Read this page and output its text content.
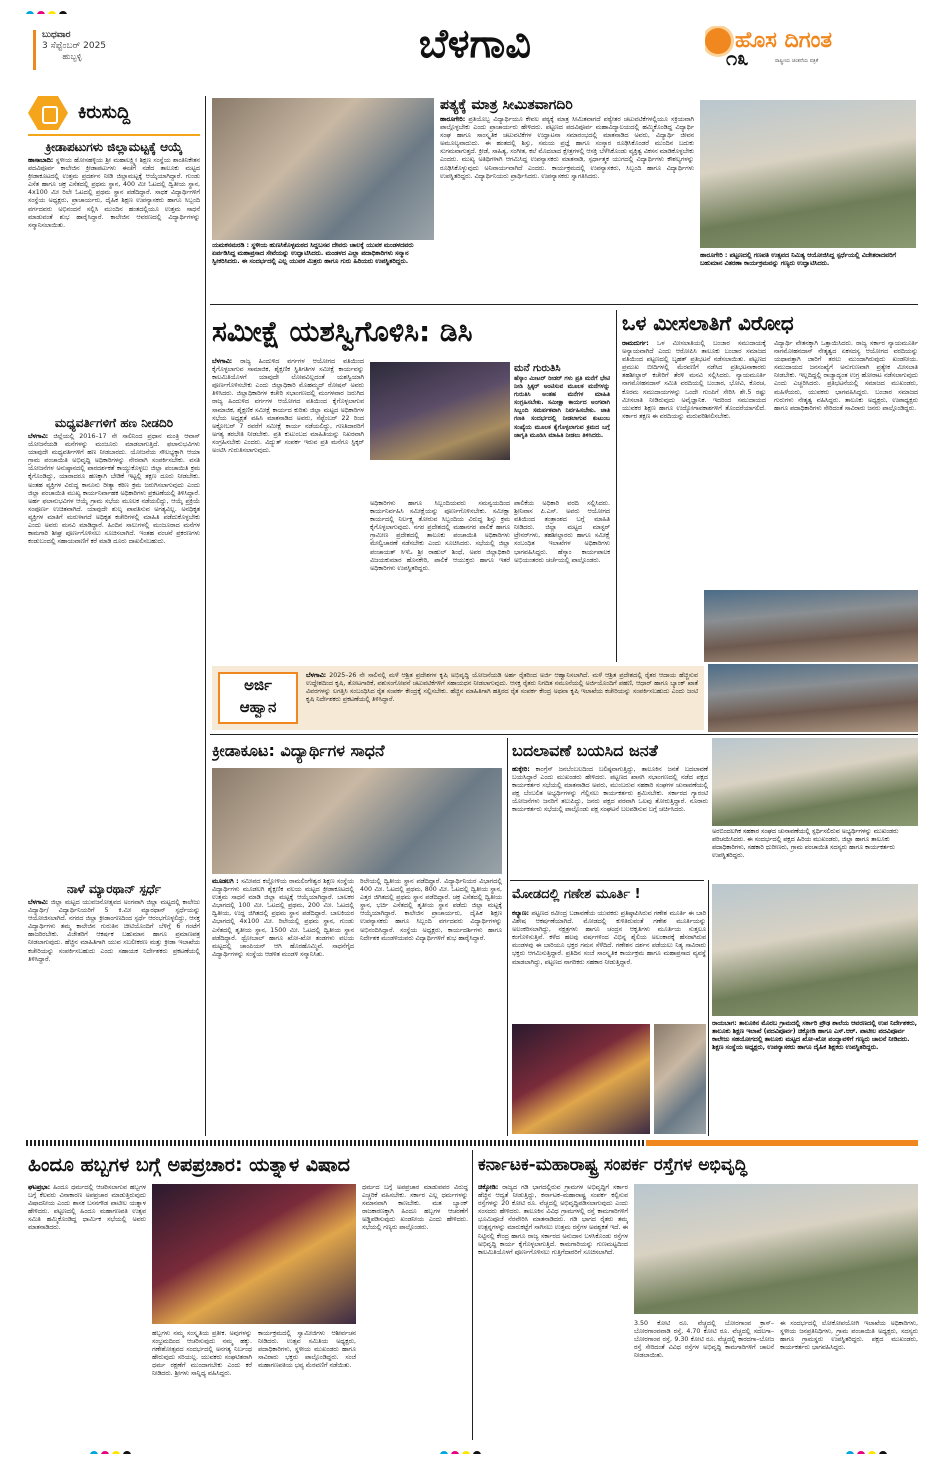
ಬುಧವಾರ
3 ಸೆಪ್ಟೆಂಬರ್ 2025
ಹುಬ್ಬಳ್ಳಿ	ಬೆಳಗಾವಿ	ಹೊಸ ದಿಗಂತ
ರಾಷ್ಟ್ರೀಯ ಚಿಂತನೆಯ ಪತ್ರಿಕೆ
೧೩
ಕಿರುಸುದ್ದಿ
ಕ್ರೀಡಾಪಟುಗಳು ಜಿಲ್ಲಾಮಟ್ಟಕ್ಕೆ ಆಯ್ಕೆ
ಹಾಸಾಬಾದಿ: ಸ್ಥಳೀಯ ಹೋಸಹಳ್ಳಿಯ ಶ್ರೀ ಮಹಾಲಕ್ಷ್ಮೀ ಶಿಕ್ಷಣ ಸಂಸ್ಥೆಯ ಶಾಂತಿನಿಕೇತನ ಪದವಿಪೂರ್ವ ಕಾಲೇಜಿನ ಕ್ರೀಡಾಪಟುಗಳು ಈಚೆಗೆ ನಡೆದ ತಾಲೂಕು ಮಟ್ಟದ ಕ್ರೀಡಾಕೂಟದಲ್ಲಿ ಉತ್ತಮ ಪ್ರದರ್ಶನ ನೀಡಿ ಜಿಲ್ಲಾಮಟ್ಟಕ್ಕೆ ಆಯ್ಕೆಯಾಗಿದ್ದಾರೆ. ಗುಂಡು ಎಸೆತ ಹಾಗೂ ಚಕ್ರ ಎಸೆತದಲ್ಲಿ ಪ್ರಥಮ ಸ್ಥಾನ, 400 ಮೀ ಓಟದಲ್ಲಿ ದ್ವಿತೀಯ ಸ್ಥಾನ, 4x100 ಮೀ ರಿಲೇ ಓಟದಲ್ಲಿ ಪ್ರಥಮ ಸ್ಥಾನ ಪಡೆದಿದ್ದಾರೆ. ಸಾಧಕ ವಿದ್ಯಾರ್ಥಿಗಳಿಗೆ ಸಂಸ್ಥೆಯ ಅಧ್ಯಕ್ಷರು, ಪ್ರಾಚಾರ್ಯರು, ದೈಹಿಕ ಶಿಕ್ಷಣ ಉಪನ್ಯಾಸಕರು ಹಾಗೂ ಸಿಬ್ಬಂದಿ ವರ್ಗದವರು ಅಭಿನಂದನೆ ಸಲ್ಲಿಸಿ ಮುಂದಿನ ಹಂತದಲ್ಲಿಯೂ ಉತ್ತಮ ಸಾಧನೆ ಮಾಡುವಂತೆ ಶುಭ ಹಾರೈಸಿದ್ದಾರೆ. ಕಾಲೇಜಿನ ಆವರಣದಲ್ಲಿ ವಿದ್ಯಾರ್ಥಿಗಳನ್ನು ಸನ್ಮಾನಿಸಲಾಯಿತು.
ಮಧ್ಯವರ್ತಿಗಳಿಗೆ ಹಣ ನೀಡದಿರಿ
ಬೆಳಗಾವಿ: ಜಿಲ್ಲೆಯಲ್ಲಿ 2016–17 ನೇ ಸಾಲಿನಿಂದ ಪ್ರಧಾನ ಮಂತ್ರಿ ಆವಾಸ್ ಯೋಜನೆಯಡಿ ಮನೆಗಳನ್ನು ಮಂಜೂರು ಮಾಡಲಾಗುತ್ತಿದೆ. ಫಲಾನುಭವಿಗಳು ಯಾವುದೇ ಮಧ್ಯವರ್ತಿಗಳಿಗೆ ಹಣ ನೀಡಬಾರದು. ಯೋಜನೆಯ ಸೌಲಭ್ಯಕ್ಕಾಗಿ ಆಯಾ ಗ್ರಾಮ ಪಂಚಾಯಿತಿ ಅಭಿವೃದ್ಧಿ ಅಧಿಕಾರಿಗಳನ್ನು ನೇರವಾಗಿ ಸಂಪರ್ಕಿಸಬೇಕು. ವಸತಿ ಯೋಜನೆಗಳ ಅನುಷ್ಠಾನದಲ್ಲಿ ಪಾರದರ್ಶಕತೆ ಕಾಯ್ದುಕೊಳ್ಳಲು ಜಿಲ್ಲಾ ಪಂಚಾಯಿತಿ ಕ್ರಮ ಕೈಗೊಂಡಿದ್ದು, ಯಾರಾದರೂ ಹಣಕ್ಕಾಗಿ ಬೇಡಿಕೆ ಇಟ್ಟಲ್ಲಿ ತಕ್ಷಣ ದೂರು ನೀಡಬೇಕು. ಅಂತಹ ವ್ಯಕ್ತಿಗಳ ವಿರುದ್ಧ ಕಾನೂನು ರೀತ್ಯಾ ಕಠಿಣ ಕ್ರಮ ಜರುಗಿಸಲಾಗುವುದು ಎಂದು ಜಿಲ್ಲಾ ಪಂಚಾಯಿತಿ ಮುಖ್ಯ ಕಾರ್ಯನಿರ್ವಾಹಕ ಅಧಿಕಾರಿಗಳು ಪ್ರಕಟಣೆಯಲ್ಲಿ ತಿಳಿಸಿದ್ದಾರೆ. ಅರ್ಹ ಫಲಾನುಭವಿಗಳ ಆಯ್ಕೆ ಗ್ರಾಮ ಸಭೆಯ ಮೂಲಕ ನಡೆಯಲಿದ್ದು, ಆಯ್ಕೆ ಪ್ರಕ್ರಿಯೆ ಸಂಪೂರ್ಣ ಉಚಿತವಾಗಿದೆ. ಯಾವುದೇ ಶುಲ್ಕ ಪಾವತಿಸುವ ಅಗತ್ಯವಿಲ್ಲ. ಅನಧಿಕೃತ ವ್ಯಕ್ತಿಗಳ ಮಾತಿಗೆ ಮರುಳಾಗದೆ ಅಧಿಕೃತ ಕಚೇರಿಗಳಲ್ಲಿ ಮಾಹಿತಿ ಪಡೆದುಕೊಳ್ಳಬೇಕು ಎಂದು ಅವರು ಮನವಿ ಮಾಡಿದ್ದಾರೆ. ಹಿಂದಿನ ಸಾಲುಗಳಲ್ಲಿ ಮಂಜೂರಾದ ಮನೆಗಳ ಕಾಮಗಾರಿ ಶೀಘ್ರ ಪೂರ್ಣಗೊಳಿಸಲು ಸೂಚಿಸಲಾಗಿದೆ. ಇಂತಹ ವಂಚನೆ ಪ್ರಕರಣಗಳು ಕಂಡುಬಂದಲ್ಲಿ ಸಹಾಯವಾಣಿಗೆ ಕರೆ ಮಾಡಿ ದೂರು ದಾಖಲಿಸಬಹುದು.
ನಾಳೆ ಮ್ಯಾರಥಾನ್ ಸ್ಪರ್ಧೆ
ಬೆಳಗಾವಿ: ಜಿಲ್ಲಾ ಮಟ್ಟದ ಯುವಜನೋತ್ಸವದ ಅಂಗವಾಗಿ ಜಿಲ್ಲಾ ಮಟ್ಟದಲ್ಲಿ ಕಾಲೇಜು ವಿದ್ಯಾರ್ಥಿ/ ವಿದ್ಯಾರ್ಥಿನಿಯರಿಗೆ 5 ಕಿ.ಮೀ ಮ್ಯಾರಥಾನ್ ಸ್ಪರ್ಧೆಯನ್ನು ಆಯೋಜಿಸಲಾಗಿದೆ. ನಗರದ ಜಿಲ್ಲಾ ಕ್ರೀಡಾಂಗಣದಿಂದ ಸ್ಪರ್ಧೆ ಆರಂಭಗೊಳ್ಳಲಿದ್ದು, ಆಸಕ್ತ ವಿದ್ಯಾರ್ಥಿಗಳು ತಮ್ಮ ಕಾಲೇಜಿನ ಗುರುತಿನ ಚೀಟಿಯೊಂದಿಗೆ ಬೆಳಿಗ್ಗೆ 6 ಗಂಟೆಗೆ ಹಾಜರಿರಬೇಕು. ವಿಜೇತರಿಗೆ ಆಕರ್ಷಕ ಬಹುಮಾನ ಹಾಗೂ ಪ್ರಮಾಣಪತ್ರ ನೀಡಲಾಗುವುದು. ಹೆಚ್ಚಿನ ಮಾಹಿತಿಗಾಗಿ ಯುವ ಸಬಲೀಕರಣ ಮತ್ತು ಕ್ರೀಡಾ ಇಲಾಖೆಯ ಕಚೇರಿಯನ್ನು ಸಂಪರ್ಕಿಸಬಹುದು ಎಂದು ಸಹಾಯಕ ನಿರ್ದೇಶಕರು ಪ್ರಕಟಣೆಯಲ್ಲಿ ತಿಳಿಸಿದ್ದಾರೆ.
ಯಮಕನಮರಡಿ : ಸ್ಥಳೀಯ ಹುಣಸಿಕೊಳ್ಳಮಠದ ಸಿದ್ದಬಸವ ದೇವರು ಚಾಲಕ್ಕೆ ಯುವಕ ಮಂಡಳದವರು ಏರ್ಪಡಿಸಿದ್ದ ಮಹಾಪ್ರಸಾದ ಸೇವೆಯನ್ನು ಉದ್ಘಾಟಿಸಿದರು. ಮಂಡಳದ ಎಲ್ಲಾ ಪದಾಧಿಕಾರಿಗಳು ಸನ್ಮಾನ ಸ್ವೀಕರಿಸಿದರು. ಈ ಸಂದರ್ಭದಲ್ಲಿ ಎಲ್ಲ ಯುವಕ ಮಿತ್ರರು ಹಾಗೂ ಗುರು ಹಿರಿಯರು ಉಪಸ್ಥಿತರಿದ್ದರು.
ಪತ್ಯಕ್ಕೆ ಮಾತ್ರ ಸೀಮಿತವಾಗದಿರಿ
ಹಾರೂಗೇರಿ: ಪ್ರತಿಯೊಬ್ಬ ವಿದ್ಯಾರ್ಥಿಯೂ ಕೇವಲ ಪಠ್ಯಕ್ಕೆ ಮಾತ್ರ ಸೀಮಿತವಾಗದೆ ಪಠ್ಯೇತರ ಚಟುವಟಿಕೆಗಳಲ್ಲಿಯೂ ಸಕ್ರಿಯವಾಗಿ ಪಾಲ್ಗೊಳ್ಳಬೇಕು ಎಂದು ಪ್ರಾಚಾರ್ಯರು ಹೇಳಿದರು. ಪಟ್ಟಣದ ಪದವಿಪೂರ್ವ ಮಹಾವಿದ್ಯಾಲಯದಲ್ಲಿ ಹಮ್ಮಿಕೊಂಡಿದ್ದ ವಿದ್ಯಾರ್ಥಿ ಸಂಘ ಹಾಗೂ ಸಾಂಸ್ಕೃತಿಕ ಚಟುವಟಿಕೆಗಳ ಉದ್ಘಾಟನಾ ಸಮಾರಂಭದಲ್ಲಿ ಮಾತನಾಡಿದ ಅವರು, ವಿದ್ಯಾರ್ಥಿ ಜೀವನ ಅಮೂಲ್ಯವಾದುದು. ಈ ಹಂತದಲ್ಲಿ ಶಿಸ್ತು, ಸಮಯ ಪ್ರಜ್ಞೆ ಹಾಗೂ ಸಂಸ್ಕಾರ ರೂಢಿಸಿಕೊಂಡರೆ ಮುಂದಿನ ಬದುಕು ಸುಗಮವಾಗುತ್ತದೆ. ಕ್ರೀಡೆ, ಸಾಹಿತ್ಯ, ಸಂಗೀತ, ಕಲೆ ಮೊದಲಾದ ಕ್ಷೇತ್ರಗಳಲ್ಲಿ ಆಸಕ್ತಿ ಬೆಳೆಸಿಕೊಂಡು ವ್ಯಕ್ತಿತ್ವ ವಿಕಸನ ಮಾಡಿಕೊಳ್ಳಬೇಕು ಎಂದರು. ಮುಖ್ಯ ಅತಿಥಿಗಳಾಗಿ ಆಗಮಿಸಿದ್ದ ಉಪನ್ಯಾಸಕರು ಮಾತನಾಡಿ, ಸ್ಪರ್ಧಾತ್ಮಕ ಯುಗದಲ್ಲಿ ವಿದ್ಯಾರ್ಥಿಗಳು ಕೌಶಲ್ಯಗಳನ್ನು ರೂಢಿಸಿಕೊಳ್ಳುವುದು ಅನಿವಾರ್ಯವಾಗಿದೆ ಎಂದರು. ಕಾರ್ಯಕ್ರಮದಲ್ಲಿ ಉಪನ್ಯಾಸಕರು, ಸಿಬ್ಬಂದಿ ಹಾಗೂ ವಿದ್ಯಾರ್ಥಿಗಳು ಉಪಸ್ಥಿತರಿದ್ದರು. ವಿದ್ಯಾರ್ಥಿನಿಯರು ಪ್ರಾರ್ಥಿಸಿದರು. ಉಪನ್ಯಾಸಕರು ಸ್ವಾಗತಿಸಿದರು.
ಹಾರೂಗೇರಿ : ಪಟ್ಟಣದಲ್ಲಿ ಗಣಪತಿ ಉತ್ಸವದ ನಿಮಿತ್ಯ ಆಯೋಜಿಸಿದ್ದ ಸ್ಪರ್ಧೆಯಲ್ಲಿ ವಿಜೇತರಾದವರಿಗೆ ಬಹುಮಾನ ವಿತರಣಾ ಕಾರ್ಯಕ್ರಮವನ್ನು ಗಣ್ಯರು ಉದ್ಘಾಟಿಸಿದರು.
ಸಮೀಕ್ಷೆ ಯಶಸ್ವಿಗೊಳಿಸಿ: ಡಿಸಿ
ಬೆಳಗಾವಿ: ರಾಜ್ಯ ಹಿಂದುಳಿದ ವರ್ಗಗಳ ಆಯೋಗದ ವತಿಯಿಂದ ಕೈಗೊಳ್ಳಲಾಗುವ ಸಾಮಾಜಿಕ, ಶೈಕ್ಷಣಿಕ ಸ್ಥಿತಿಗತಿಗಳ ಸಮೀಕ್ಷೆ ಕಾರ್ಯವನ್ನು ಕಾಲಮಿತಿಯೊಳಗೆ ಯಾವುದೇ ಲೋಪವಿಲ್ಲದಂತೆ ಯಶಸ್ವಿಯಾಗಿ ಪೂರ್ಣಗೊಳಿಸಬೇಕು ಎಂದು ಜಿಲ್ಲಾಧಿಕಾರಿ ಮೊಹಮ್ಮದ್ ರೋಷನ್ ಅವರು ತಿಳಿಸಿದರು. ಜಿಲ್ಲಾಧಿಕಾರಿಗಳ ಕಚೇರಿ ಸಭಾಂಗಣದಲ್ಲಿ ಮಂಗಳವಾರ ಜರುಗಿದ ರಾಜ್ಯ ಹಿಂದುಳಿದ ವರ್ಗಗಳ ಆಯೋಗದ ವತಿಯಿಂದ ಕೈಗೊಳ್ಳಲಾಗುವ ಸಾಮಾಜಿಕ, ಶೈಕ್ಷಣಿಕ ಸಮೀಕ್ಷೆ ಕಾರ್ಯದ ಕುರಿತು ಜಿಲ್ಲಾ ಮಟ್ಟದ ಅಧಿಕಾರಿಗಳ ಸಭೆಯ ಅಧ್ಯಕ್ಷತೆ ವಹಿಸಿ ಮಾತನಾಡಿದ ಅವರು, ಸೆಪ್ಟೆಂಬರ್ 22 ರಿಂದ ಅಕ್ಟೋಬರ್ 7 ರವರೆಗೆ ಸಮೀಕ್ಷೆ ಕಾರ್ಯ ನಡೆಯಲಿದ್ದು, ಗಣತಿದಾರರಿಗೆ ಅಗತ್ಯ ತರಬೇತಿ ನೀಡಬೇಕು. ಪ್ರತಿ ಕುಟುಂಬದ ಮಾಹಿತಿಯನ್ನು ನಿಖರವಾಗಿ ಸಂಗ್ರಹಿಸಬೇಕು ಎಂದರು. ವಿದ್ಯುತ್ ಸಂಪರ್ಕ ಇರುವ ಪ್ರತಿ ಮನೆಗೂ ಸ್ಟಿಕ್ಕರ್ ಅಂಟಿಸಿ ಗುರುತಿಸಲಾಗುವುದು.
ಮನೆ ಗುರುತಿಸಿ
ಹೆಸ್ಕಾಂ ಮೀಟರ್ ರೀಡರ್ ಗಳು ಪ್ರತಿ ಮನೆಗೆ ಭೇಟಿ ನೀಡಿ ಸ್ಟಿಕ್ಕರ್ ಅಂಟಿಸುವ ಮೂಲಕ ಮನೆಗಳನ್ನು ಗುರುತಿಸಿ ಅಂತಹ ಮನೆಗಳ ಮಾಹಿತಿ ಸಂಗ್ರಹಿಸಬೇಕು. ಸಮೀಕ್ಷಾ ಕಾರ್ಯದ ಅಂಗವಾಗಿ ಸಿಬ್ಬಂದಿ ಸಮರ್ಪಕವಾಗಿ ನಿರ್ವಹಿಸಬೇಕು. ಜಾತಿ ಗಣತಿ ಸಂದರ್ಭದಲ್ಲಿ ನೀಡಲಾಗುವ ಕುಟುಂಬ ಸಂಖ್ಯೆಯ ಮೂಲಕ ಕೈಗೊಳ್ಳಲಾಗುವ ಕ್ರಮದ ಬಗ್ಗೆ ಜಾಗೃತಿ ಮೂಡಿಸಿ ಮಾಹಿತಿ ನೀಡಲು ತಿಳಿಸಿದರು.
ಅಧಿಕಾರಿಗಳು ಹಾಗೂ ಸಿಬ್ಬಂದಿಯವರು ಸಮನ್ವಯದಿಂದ ಕಾರ್ಯನಿರ್ವಹಿಸಿ ಸಮೀಕ್ಷೆಯನ್ನು ಪೂರ್ಣಗೊಳಿಸಬೇಕು. ಸಮೀಕ್ಷಾ ಕಾರ್ಯದಲ್ಲಿ ನಿರ್ಲಕ್ಷ್ಯ ತೋರುವ ಸಿಬ್ಬಂದಿಯ ವಿರುದ್ಧ ಶಿಸ್ತು ಕ್ರಮ ಕೈಗೊಳ್ಳಲಾಗುವುದು. ನಗರ ಪ್ರದೇಶದಲ್ಲಿ ಮಹಾನಗರ ಪಾಲಿಕೆ ಹಾಗೂ ಗ್ರಾಮೀಣ ಪ್ರದೇಶದಲ್ಲಿ ತಾಲೂಕು ಪಂಚಾಯಿತಿ ಅಧಿಕಾರಿಗಳು ಮೇಲ್ವಿಚಾರಣೆ ನಡೆಸಬೇಕು ಎಂದು ಸೂಚಿಸಿದರು. ಸಭೆಯಲ್ಲಿ ಜಿಲ್ಲಾ ಪಂಚಾಯತ್ ಸಿಇಓ ಶ್ರೀ ರಾಹುಲ್ ಶಿಂಧೆ, ಅಪರ ಜಿಲ್ಲಾಧಿಕಾರಿ ವಿಜಯಕುಮಾರ ಹೊನಕೇರಿ, ಪಾಲಿಕೆ ಆಯುಕ್ತರು ಹಾಗೂ ಇತರೆ ಅಧಿಕಾರಿಗಳು ಉಪಸ್ಥಿತರಿದ್ದರು.
ಪಾಲಿಕೆಯ ಅಧಿಕಾರಿ ವರದಿ ಸಲ್ಲಿಸಿದರು. ಶ್ರೀನಿವಾಸ ಪಿ.ಎಸ್. ಅವರು ಆಯೋಗದ ವತಿಯಿಂದ ತಂತ್ರಾಂಶದ ಬಗ್ಗೆ ಮಾಹಿತಿ ನೀಡಿದರು. ಜಿಲ್ಲಾ ಮಟ್ಟದ ಮಾಸ್ಟರ್ ಟ್ರೇನರ್‌ಗಳು, ತಹಶೀಲ್ದಾರರು ಹಾಗೂ ಸಮೀಕ್ಷೆ ಸಂಬಂಧಿತ ಇಲಾಖೆಗಳ ಅಧಿಕಾರಿಗಳು ಭಾಗವಹಿಸಿದ್ದರು. ಹೆಸ್ಕಾಂ ಕಾರ್ಯಪಾಲಕ ಅಭಿಯಂತರರು ಚರ್ಚೆಯಲ್ಲಿ ಪಾಲ್ಗೊಂಡರು.
ಒಳ ಮೀಸಲಾತಿಗೆ ವಿರೋಧ
ರಾಮದುರ್ಗ: ಒಳ ಮೀಸಲಾತಿಯಲ್ಲಿ ಬಂಜಾರ ಸಮುದಾಯಕ್ಕೆ ಅನ್ಯಾಯವಾಗಿದೆ ಎಂದು ಆರೋಪಿಸಿ ತಾಲೂಕು ಬಂಜಾರ ಸಮಾಜದ ವತಿಯಿಂದ ಪಟ್ಟಣದಲ್ಲಿ ಬೃಹತ್ ಪ್ರತಿಭಟನೆ ನಡೆಸಲಾಯಿತು. ಪಟ್ಟಣದ ಪ್ರಮುಖ ಬೀದಿಗಳಲ್ಲಿ ಮೆರವಣಿಗೆ ನಡೆಸಿದ ಪ್ರತಿಭಟನಾಕಾರರು ತಹಶೀಲ್ದಾರ್ ಕಚೇರಿಗೆ ತೆರಳಿ ಮನವಿ ಸಲ್ಲಿಸಿದರು. ನ್ಯಾಯಮೂರ್ತಿ ನಾಗಮೋಹನದಾಸ್ ಸಮಿತಿ ವರದಿಯಲ್ಲಿ ಬಂಜಾರ, ಭೋವಿ, ಕೊರಚ, ಕೊರಮ ಸಮುದಾಯಗಳನ್ನು ಒಂದೇ ಗುಂಪಿಗೆ ಸೇರಿಸಿ ಶೇ.5 ರಷ್ಟು ಮೀಸಲಾತಿ ನೀಡಿರುವುದು ಅವೈಜ್ಞಾನಿಕ. ಇದರಿಂದ ಸಮುದಾಯದ ಯುವಕರ ಶಿಕ್ಷಣ ಹಾಗೂ ಉದ್ಯೋಗಾವಕಾಶಗಳಿಗೆ ತೊಂದರೆಯಾಗಲಿದೆ. ಸರ್ಕಾರ ತಕ್ಷಣ ಈ ವರದಿಯನ್ನು ಮರುಪರಿಶೀಲಿಸಬೇಕು.
ವಿದ್ಯಾರ್ಥಿ ವೇತನಕ್ಕಾಗಿ ಒತ್ತಾಯಿಸಿದರು. ರಾಜ್ಯ ಸರ್ಕಾರ ನ್ಯಾಯಮೂರ್ತಿ ನಾಗಮೋಹನದಾಸ್ ನೇತೃತ್ವದ ಏಕಸದಸ್ಯ ಆಯೋಗದ ವರದಿಯನ್ನು ಯಥಾವತ್ತಾಗಿ ಜಾರಿಗೆ ತರಲು ಮುಂದಾಗಿರುವುದು ಖಂಡನೀಯ. ಸಮುದಾಯದ ಜನಸಂಖ್ಯೆಗೆ ಅನುಗುಣವಾಗಿ ಪ್ರತ್ಯೇಕ ಮೀಸಲಾತಿ ನೀಡಬೇಕು. ಇಲ್ಲದಿದ್ದಲ್ಲಿ ರಾಜ್ಯಾದ್ಯಂತ ಉಗ್ರ ಹೋರಾಟ ನಡೆಸಲಾಗುವುದು ಎಂದು ಎಚ್ಚರಿಸಿದರು. ಪ್ರತಿಭಟನೆಯಲ್ಲಿ ಸಮಾಜದ ಮುಖಂಡರು, ಮಹಿಳೆಯರು, ಯುವಕರು ಭಾಗವಹಿಸಿದ್ದರು. ಬಂಜಾರ ಸಮಾಜದ ಗುರುಗಳು ನೇತೃತ್ವ ವಹಿಸಿದ್ದರು. ತಾಲೂಕು ಅಧ್ಯಕ್ಷರು, ಉಪಾಧ್ಯಕ್ಷರು ಹಾಗೂ ಪದಾಧಿಕಾರಿಗಳು ಸೇರಿದಂತೆ ಸಾವಿರಾರು ಜನರು ಪಾಲ್ಗೊಂಡಿದ್ದರು.
ಅರ್ಜಿ
ಆಹ್ವಾನ
ಬೆಳಗಾವಿ: 2025–26 ನೇ ಸಾಲಿನಲ್ಲಿ ಮಳೆ ಆಶ್ರಿತ ಪ್ರದೇಶಗಳ ಕೃಷಿ ಅಭಿವೃದ್ಧಿ ಯೋಜನೆಯಡಿ ಅರ್ಹ ರೈತರಿಂದ ಅರ್ಜಿ ಆಹ್ವಾನಿಸಲಾಗಿದೆ. ಮಳೆ ಆಶ್ರಿತ ಪ್ರದೇಶದಲ್ಲಿ ರೈತರ ಆದಾಯ ಹೆಚ್ಚಿಸುವ ಉದ್ದೇಶದಿಂದ ಕೃಷಿ, ತೋಟಗಾರಿಕೆ, ಪಶುಸಂಗೋಪನೆ ಚಟುವಟಿಕೆಗಳಿಗೆ ಸಹಾಯಧನ ನೀಡಲಾಗುವುದು. ಆಸಕ್ತ ರೈತರು ನಿಗದಿತ ನಮೂನೆಯಲ್ಲಿ ಅರ್ಜಿಯೊಂದಿಗೆ ಪಹಣಿ, ಆಧಾರ್ ಹಾಗೂ ಬ್ಯಾಂಕ್ ಖಾತೆ ವಿವರಗಳನ್ನು ಲಗತ್ತಿಸಿ ಸಂಬಂಧಿಸಿದ ರೈತ ಸಂಪರ್ಕ ಕೇಂದ್ರಕ್ಕೆ ಸಲ್ಲಿಸಬೇಕು. ಹೆಚ್ಚಿನ ಮಾಹಿತಿಗಾಗಿ ಹತ್ತಿರದ ರೈತ ಸಂಪರ್ಕ ಕೇಂದ್ರ ಅಥವಾ ಕೃಷಿ ಇಲಾಖೆಯ ಕಚೇರಿಯನ್ನು ಸಂಪರ್ಕಿಸಬಹುದು ಎಂದು ಜಂಟಿ ಕೃಷಿ ನಿರ್ದೇಶಕರು ಪ್ರಕಟಣೆಯಲ್ಲಿ ತಿಳಿಸಿದ್ದಾರೆ.
ಕ್ರೀಡಾಕೂಟ: ವಿದ್ಯಾರ್ಥಿಗಳ ಸಾಧನೆ
ಮೂಡಲಗಿ : ಸಮೀಪದ ಕಲ್ಲೋಳಿಯ ರಾಮಲಿಂಗೇಶ್ವರ ಶಿಕ್ಷಣ ಸಂಸ್ಥೆಯ ವಿದ್ಯಾರ್ಥಿಗಳು ಮೂಡಲಗಿ ಶೈಕ್ಷಣಿಕ ವಲಯ ಮಟ್ಟದ ಕ್ರೀಡಾಕೂಟದಲ್ಲಿ ಉತ್ತಮ ಸಾಧನೆ ಮಾಡಿ ಜಿಲ್ಲಾ ಮಟ್ಟಕ್ಕೆ ಆಯ್ಕೆಯಾಗಿದ್ದಾರೆ. ಬಾಲಕರ ವಿಭಾಗದಲ್ಲಿ 100 ಮೀ. ಓಟದಲ್ಲಿ ಪ್ರಥಮ, 200 ಮೀ. ಓಟದಲ್ಲಿ ದ್ವಿತೀಯ, ಉದ್ದ ಜಿಗಿತದಲ್ಲಿ ಪ್ರಥಮ ಸ್ಥಾನ ಪಡೆದಿದ್ದಾರೆ. ಬಾಲಕಿಯರ ವಿಭಾಗದಲ್ಲಿ 4x100 ಮೀ. ರಿಲೇಯಲ್ಲಿ ಪ್ರಥಮ ಸ್ಥಾನ, ಗುಂಡು ಎಸೆತದಲ್ಲಿ ತೃತೀಯ ಸ್ಥಾನ, 1500 ಮೀ. ಓಟದಲ್ಲಿ ದ್ವಿತೀಯ ಸ್ಥಾನ ಪಡೆದಿದ್ದಾರೆ. ಥ್ರೋಬಾಲ್ ಹಾಗೂ ಖೋ-ಖೋ ತಂಡಗಳು ವಲಯ ಮಟ್ಟದಲ್ಲಿ ಚಾಂಪಿಯನ್ ಆಗಿ ಹೊರಹೊಮ್ಮಿವೆ. ಸಾಧನೆಗೈದ ವಿದ್ಯಾರ್ಥಿಗಳನ್ನು ಸಂಸ್ಥೆಯ ಆಡಳಿತ ಮಂಡಳಿ ಸನ್ಮಾನಿಸಿತು.
ರಿಲೇಯಲ್ಲಿ ದ್ವಿತೀಯ ಸ್ಥಾನ ಪಡೆದಿದ್ದಾರೆ. ವಿದ್ಯಾರ್ಥಿನಿಯರ ವಿಭಾಗದಲ್ಲಿ 400 ಮೀ. ಓಟದಲ್ಲಿ ಪ್ರಥಮ, 800 ಮೀ. ಓಟದಲ್ಲಿ ದ್ವಿತೀಯ ಸ್ಥಾನ, ಎತ್ತರ ಜಿಗಿತದಲ್ಲಿ ಪ್ರಥಮ ಸ್ಥಾನ ಪಡೆದಿದ್ದಾರೆ. ಚಕ್ರ ಎಸೆತದಲ್ಲಿ ದ್ವಿತೀಯ ಸ್ಥಾನ, ಭರ್ಚಿ ಎಸೆತದಲ್ಲಿ ತೃತೀಯ ಸ್ಥಾನ ಪಡೆದು ಜಿಲ್ಲಾ ಮಟ್ಟಕ್ಕೆ ಆಯ್ಕೆಯಾಗಿದ್ದಾರೆ. ಕಾಲೇಜಿನ ಪ್ರಾಚಾರ್ಯರು, ದೈಹಿಕ ಶಿಕ್ಷಣ ಉಪನ್ಯಾಸಕರು ಹಾಗೂ ಸಿಬ್ಬಂದಿ ವರ್ಗದವರು ವಿದ್ಯಾರ್ಥಿಗಳನ್ನು ಅಭಿನಂದಿಸಿದ್ದಾರೆ. ಸಂಸ್ಥೆಯ ಅಧ್ಯಕ್ಷರು, ಕಾರ್ಯದರ್ಶಿಗಳು ಹಾಗೂ ನಿರ್ದೇಶಕ ಮಂಡಳಿಯವರು ವಿದ್ಯಾರ್ಥಿಗಳಿಗೆ ಶುಭ ಹಾರೈಸಿದ್ದಾರೆ.
ಬದಲಾವಣೆ ಬಯಸಿದ ಜನತೆ
ಹುಕ್ಕೇರಿ: ಕಾಂಗ್ರೆಸ್ ಜನಬೆಂಬಲದಿಂದ ಬಲಿಷ್ಠವಾಗುತ್ತಿದ್ದು, ತಾಲೂಕಿನ ಜನತೆ ಬದಲಾವಣೆ ಬಯಸಿದ್ದಾರೆ ಎಂದು ಮುಖಂಡರು ಹೇಳಿದರು. ಪಟ್ಟಣದ ಖಾಸಗಿ ಸಭಾಂಗಣದಲ್ಲಿ ನಡೆದ ಪಕ್ಷದ ಕಾರ್ಯಕರ್ತರ ಸಭೆಯಲ್ಲಿ ಮಾತನಾಡಿದ ಅವರು, ಮುಂಬರುವ ಸಹಕಾರಿ ಸಂಘಗಳ ಚುನಾವಣೆಯಲ್ಲಿ ಪಕ್ಷ ಬೆಂಬಲಿತ ಅಭ್ಯರ್ಥಿಗಳನ್ನು ಗೆಲ್ಲಿಸಲು ಕಾರ್ಯಕರ್ತರು ಶ್ರಮಿಸಬೇಕು. ಸರ್ಕಾರದ ಗ್ಯಾರಂಟಿ ಯೋಜನೆಗಳು ಜನರಿಗೆ ತಲುಪಿದ್ದು, ಜನರು ಪಕ್ಷದ ಪರವಾಗಿ ಒಲವು ತೋರುತ್ತಿದ್ದಾರೆ. ನೂರಾರು ಕಾರ್ಯಕರ್ತರು ಸಭೆಯಲ್ಲಿ ಪಾಲ್ಗೊಂಡು ಪಕ್ಷ ಸಂಘಟನೆ ಬಲಪಡಿಸುವ ಬಗ್ಗೆ ಚರ್ಚಿಸಿದರು.
ಅರಬಿಂದಲಗಿಕ ಸಹಕಾರ ಸಂಘದ ಚುನಾವಣೆಯಲ್ಲಿ ಸ್ಪರ್ಧಿಸಲಿರುವ ಅಭ್ಯರ್ಥಿಗಳನ್ನು ಮುಖಂಡರು ಪರಿಚಯಿಸಿದರು. ಈ ಸಂದರ್ಭದಲ್ಲಿ ಪಕ್ಷದ ಹಿರಿಯ ಮುಖಂಡರು, ಜಿಲ್ಲಾ ಹಾಗೂ ತಾಲೂಕು ಪದಾಧಿಕಾರಿಗಳು, ಸಹಕಾರಿ ಧುರೀಣರು, ಗ್ರಾಮ ಪಂಚಾಯಿತಿ ಸದಸ್ಯರು ಹಾಗೂ ಕಾರ್ಯಕರ್ತರು ಉಪಸ್ಥಿತರಿದ್ದರು.
ಮೋಡದಲ್ಲಿ ಗಣೇಶ ಮೂರ್ತಿ !
ಕಲ್ಯಾಣ: ಪಟ್ಟಣದ ರವೀಂದ್ರ ಬಡಾವಣೆಯ ಯುವಕರು ಪ್ರತಿಷ್ಠಾಪಿಸಿರುವ ಗಣೇಶ ಮೂರ್ತಿ ಈ ಬಾರಿ ವಿಶೇಷ ಆಕರ್ಷಣೆಯಾಗಿದೆ. ಮೋಡದಲ್ಲಿ ಕುಳಿತಿರುವಂತೆ ಗಣೇಶ ಮೂರ್ತಿಯನ್ನು ಅಲಂಕರಿಸಲಾಗಿದ್ದು, ನಕ್ಷತ್ರಗಳು ಹಾಗೂ ಚಂದ್ರನ ಆಕೃತಿಗಳು ಮೂರ್ತಿಯ ಸುತ್ತಲೂ ಕಂಗೊಳಿಸುತ್ತಿವೆ. ಕಳೆದ ಹಲವು ವರ್ಷಗಳಿಂದ ವಿಭಿನ್ನ ಶೈಲಿಯ ಅಲಂಕಾರಕ್ಕೆ ಹೆಸರಾಗಿರುವ ಮಂಡಳವು ಈ ಬಾರಿಯೂ ಭಕ್ತರ ಗಮನ ಸೆಳೆದಿದೆ. ಗಣೇಶನ ದರ್ಶನ ಪಡೆಯಲು ನಿತ್ಯ ಸಾವಿರಾರು ಭಕ್ತರು ಆಗಮಿಸುತ್ತಿದ್ದಾರೆ. ಪ್ರತಿದಿನ ಸಂಜೆ ಸಾಂಸ್ಕೃತಿಕ ಕಾರ್ಯಕ್ರಮ ಹಾಗೂ ಮಹಾಪ್ರಸಾದ ವ್ಯವಸ್ಥೆ ಮಾಡಲಾಗಿದ್ದು, ಪಟ್ಟಣದ ನಾಗರಿಕರು ಸಹಕಾರ ನೀಡುತ್ತಿದ್ದಾರೆ.
ರಾಯಬಾಗ: ತಾಲೂಕಿನ ಮೊರಬ ಗ್ರಾಮದಲ್ಲಿ ಸರ್ಕಾರಿ ಪ್ರೌಢ ಶಾಲೆಯ ಆವರಣದಲ್ಲಿ ಉಪ ನಿರ್ದೇಶಕರು, ತಾಲೂಕು ಶಿಕ್ಷಣ ಇಲಾಖೆ (ಪದವಿಪೂರ್ವ) ಚಿಕ್ಕೋಡಿ ಹಾಗೂ ಎಸ್.ಆರ್. ಪಾಟೀಲ ಪದವಿಪೂರ್ವ ಕಾಲೇಜು ಸಹಯೋಗದಲ್ಲಿ ತಾಲೂಕು ಮಟ್ಟದ ಖೋ-ಖೋ ಪಂದ್ಯಾವಳಿಗೆ ಗಣ್ಯರು ಚಾಲನೆ ನೀಡಿದರು. ಶಿಕ್ಷಣ ಸಂಸ್ಥೆಯ ಅಧ್ಯಕ್ಷರು, ಉಪನ್ಯಾಸಕರು ಹಾಗೂ ದೈಹಿಕ ಶಿಕ್ಷಕರು ಉಪಸ್ಥಿತರಿದ್ದರು.
ಹಿಂದೂ ಹಬ್ಬಗಳ ಬಗ್ಗೆ ಅಪಪ್ರಚಾರ: ಯತ್ನಾಳ ವಿಷಾದ
ಘಟಪ್ರಭಾ: ಹಿಂದೂ ಧರ್ಮದಲ್ಲಿ ಆಚರಿಸಲಾಗುವ ಹಬ್ಬಗಳ ಬಗ್ಗೆ ಕೆಲವರು ವಿನಾಕಾರಣ ಅಪಪ್ರಚಾರ ಮಾಡುತ್ತಿರುವುದು ವಿಷಾದನೀಯ ಎಂದು ಶಾಸಕ ಬಸನಗೌಡ ಪಾಟೀಲ ಯತ್ನಾಳ ಹೇಳಿದರು. ಪಟ್ಟಣದಲ್ಲಿ ಹಿಂದೂ ಮಹಾಗಣಪತಿ ಉತ್ಸವ ಸಮಿತಿ ಹಮ್ಮಿಕೊಂಡಿದ್ದ ಧಾರ್ಮಿಕ ಸಭೆಯಲ್ಲಿ ಅವರು ಮಾತನಾಡಿದರು.
ಹಬ್ಬಗಳು ನಮ್ಮ ಸಂಸ್ಕೃತಿಯ ಪ್ರತೀಕ. ಅವುಗಳನ್ನು ಸಂಭ್ರಮದಿಂದ ಆಚರಿಸುವುದು ನಮ್ಮ ಹಕ್ಕು. ಗಣೇಶೋತ್ಸವದ ಸಂದರ್ಭದಲ್ಲಿ ಅನಗತ್ಯ ನಿರ್ಬಂಧ ಹೇರುವುದು ಸರಿಯಲ್ಲ. ಯುವಕರು ಸಂಘಟಿತರಾಗಿ ಧರ್ಮ ರಕ್ಷಣೆಗೆ ಮುಂದಾಗಬೇಕು ಎಂದು ಕರೆ ನೀಡಿದರು. ಶ್ರೀಗಳು ಸಾನ್ನಿಧ್ಯ ವಹಿಸಿದ್ದರು.
ಕಾರ್ಯಕ್ರಮದಲ್ಲಿ ಸ್ವಾಮೀಜಿಗಳು ಆಶೀರ್ವಚನ ನೀಡಿದರು. ಉತ್ಸವ ಸಮಿತಿಯ ಅಧ್ಯಕ್ಷರು, ಪದಾಧಿಕಾರಿಗಳು, ಸ್ಥಳೀಯ ಮುಖಂಡರು ಹಾಗೂ ಸಾವಿರಾರು ಭಕ್ತರು ಪಾಲ್ಗೊಂಡಿದ್ದರು. ಸಂಜೆ ಮಹಾಗಣಪತಿಯ ಭವ್ಯ ಮೆರವಣಿಗೆ ನಡೆಯಿತು.
ಧರ್ಮದ ಬಗ್ಗೆ ಅಪಪ್ರಚಾರ ಮಾಡುವವರ ವಿರುದ್ಧ ಎಚ್ಚರಿಕೆ ವಹಿಸಬೇಕು. ಸರ್ಕಾರ ಎಲ್ಲ ಧರ್ಮಗಳನ್ನು ಸಮಾನವಾಗಿ ಕಾಣಬೇಕು. ಮತ ಬ್ಯಾಂಕ್ ರಾಜಕಾರಣಕ್ಕಾಗಿ ಹಿಂದೂ ಹಬ್ಬಗಳ ಆಚರಣೆಗೆ ಅಡ್ಡಿಪಡಿಸುವುದು ಖಂಡನೀಯ ಎಂದು ಹೇಳಿದರು. ಸಭೆಯಲ್ಲಿ ಗಣ್ಯರು ಪಾಲ್ಗೊಂಡರು.
ಕರ್ನಾಟಕ-ಮಹಾರಾಷ್ಟ್ರ ಸಂಪರ್ಕ ರಸ್ತೆಗಳ ಅಭಿವೃದ್ಧಿ
ಚಿಕ್ಕೋಡಿ: ರಾಜ್ಯದ ಗಡಿ ಭಾಗದಲ್ಲಿರುವ ಗ್ರಾಮಗಳ ಅಭಿವೃದ್ಧಿಗೆ ಸರ್ಕಾರ ಹೆಚ್ಚಿನ ಆದ್ಯತೆ ನೀಡುತ್ತಿದ್ದು, ಕರ್ನಾಟಕ–ಮಹಾರಾಷ್ಟ್ರ ಸಂಪರ್ಕ ಕಲ್ಪಿಸುವ ರಸ್ತೆಗಳನ್ನು 20 ಕೋಟಿ ರೂ. ವೆಚ್ಚದಲ್ಲಿ ಅಭಿವೃದ್ಧಿಪಡಿಸಲಾಗುವುದು ಎಂದು ಸಂಸದರು ಹೇಳಿದರು. ತಾಲೂಕಿನ ವಿವಿಧ ಗ್ರಾಮಗಳಲ್ಲಿ ರಸ್ತೆ ಕಾಮಗಾರಿಗಳಿಗೆ ಭೂಮಿಪೂಜೆ ನೆರವೇರಿಸಿ ಮಾತನಾಡಿದರು. ಗಡಿ ಭಾಗದ ರೈತರು ತಮ್ಮ ಉತ್ಪನ್ನಗಳನ್ನು ಮಾರುಕಟ್ಟೆಗೆ ಸಾಗಿಸಲು ಉತ್ತಮ ರಸ್ತೆಗಳ ಅವಶ್ಯಕತೆ ಇದೆ. ಈ ನಿಟ್ಟಿನಲ್ಲಿ ಕೇಂದ್ರ ಹಾಗೂ ರಾಜ್ಯ ಸರ್ಕಾರದ ಅನುದಾನ ಬಳಸಿಕೊಂಡು ರಸ್ತೆಗಳ ಅಭಿವೃದ್ಧಿ ಕಾರ್ಯ ಕೈಗೊಳ್ಳಲಾಗುತ್ತಿದೆ. ಕಾಮಗಾರಿಯನ್ನು ಗುಣಮಟ್ಟದಿಂದ ಕಾಲಮಿತಿಯೊಳಗೆ ಪೂರ್ಣಗೊಳಿಸಲು ಗುತ್ತಿಗೆದಾರರಿಗೆ ಸೂಚಿಸಲಾಗಿದೆ.
3.50 ಕೋಟಿ ರೂ. ವೆಚ್ಚದಲ್ಲಿ ಬೋರಗಾಂವ ಕ್ರಾಸ್‌–ಬೋರಗಾಂವವಾಡಿ ರಸ್ತೆ, 4.70 ಕೋಟಿ ರೂ. ವೆಚ್ಚದಲ್ಲಿ ಸದಲಗಾ–ಬೋರಗಾಂವ ರಸ್ತೆ, 9.30 ಕೋಟಿ ರೂ. ವೆಚ್ಚದಲ್ಲಿ ಕಾರದಗಾ–ಬೋಜ ರಸ್ತೆ ಸೇರಿದಂತೆ ವಿವಿಧ ರಸ್ತೆಗಳ ಅಭಿವೃದ್ಧಿ ಕಾಮಗಾರಿಗಳಿಗೆ ಚಾಲನೆ ನೀಡಲಾಯಿತು.
ಈ ಸಂದರ್ಭದಲ್ಲಿ ಲೋಕೋಪಯೋಗಿ ಇಲಾಖೆಯ ಅಧಿಕಾರಿಗಳು, ಸ್ಥಳೀಯ ಜನಪ್ರತಿನಿಧಿಗಳು, ಗ್ರಾಮ ಪಂಚಾಯಿತಿ ಅಧ್ಯಕ್ಷರು, ಸದಸ್ಯರು ಹಾಗೂ ಗ್ರಾಮಸ್ಥರು ಉಪಸ್ಥಿತರಿದ್ದರು. ಪಕ್ಷದ ಮುಖಂಡರು, ಕಾರ್ಯಕರ್ತರು ಭಾಗವಹಿಸಿದ್ದರು.
